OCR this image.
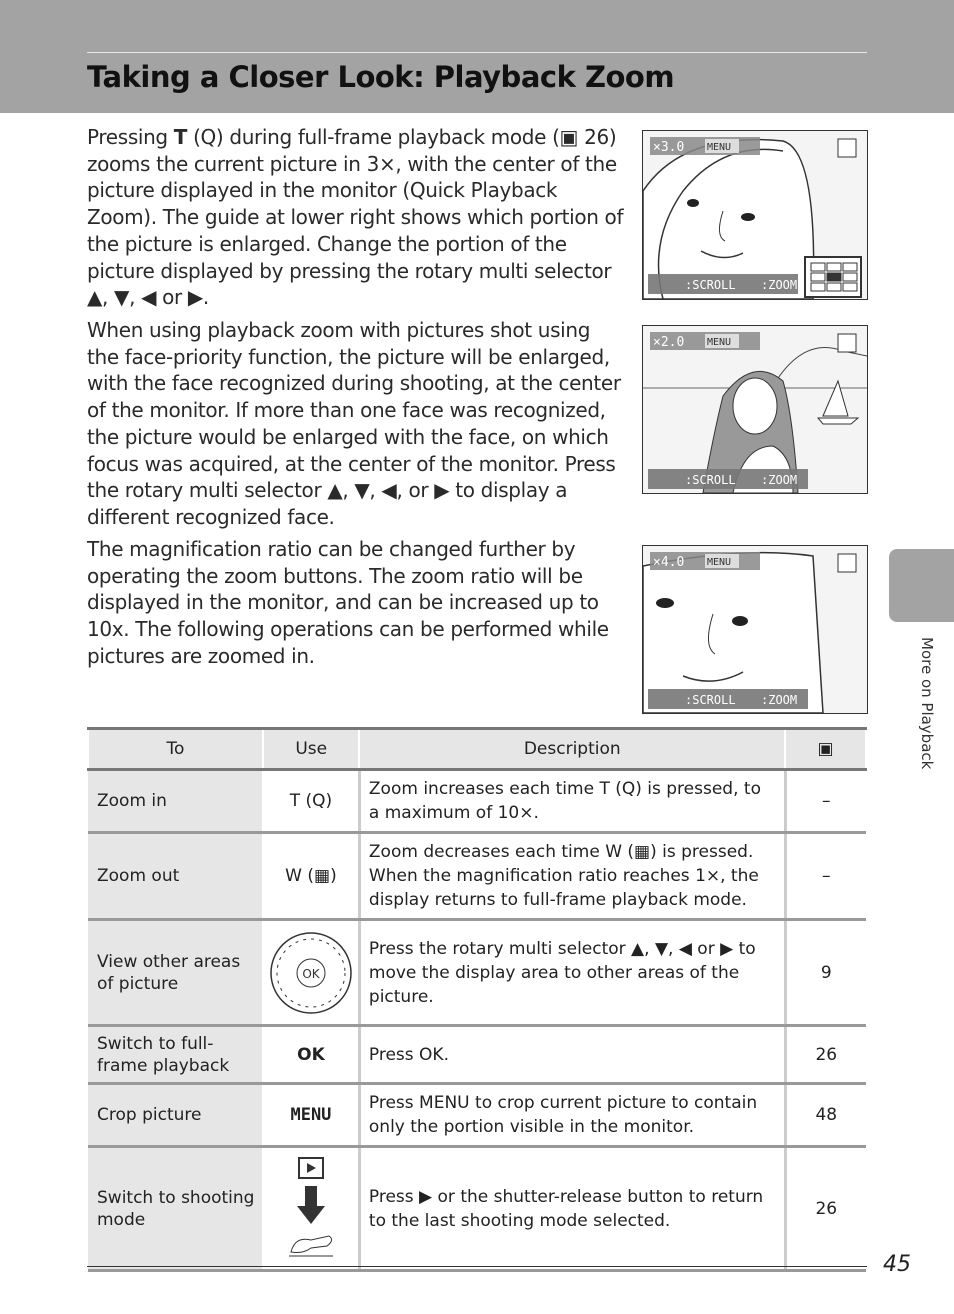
Taking a Closer Look: Playback Zoom
Pressing T (Q) during full-frame playback mode (▣ 26) zooms the current picture in 3×, with the center of the picture displayed in the monitor (Quick Playback Zoom). The guide at lower right shows which portion of the picture is enlarged. Change the portion of the picture displayed by pressing the rotary multi selector ▲, ▼, ◀ or ▶.
When using playback zoom with pictures shot using the face-priority function, the picture will be enlarged, with the face recognized during shooting, at the center of the monitor. If more than one face was recognized, the picture would be enlarged with the face, on which focus was acquired, at the center of the monitor. Press the rotary multi selector ▲, ▼, ◀, or ▶ to display a different recognized face.
The magnification ratio can be changed further by operating the zoom buttons. The zoom ratio will be displayed in the monitor, and can be increased up to 10x. The following operations can be performed while pictures are zoomed in.
×3.0 MENU
:SCROLL :ZOOM
×2.0 MENU
:SCROLL :ZOOM
×4.0 MENU
:SCROLL :ZOOM	More on Playback
To	Use	Description	▣
Zoom in	T (Q)	Zoom increases each time T (Q) is pressed, to a maximum of 10×.	–
Zoom out	W (▦)	Zoom decreases each time W (▦) is pressed. When the magnification ratio reaches 1×, the display returns to full-frame playback mode.	–
View other areas of picture	OK	Press the rotary multi selector ▲, ▼, ◀ or ▶ to move the display area to other areas of the picture.	9
Switch to full-frame playback	OK	Press OK.	26
Crop picture	MENU	Press MENU to crop current picture to contain only the portion visible in the monitor.	48
Switch to shooting mode		Press ▶ or the shutter-release button to return to the last shooting mode selected.	26
45
